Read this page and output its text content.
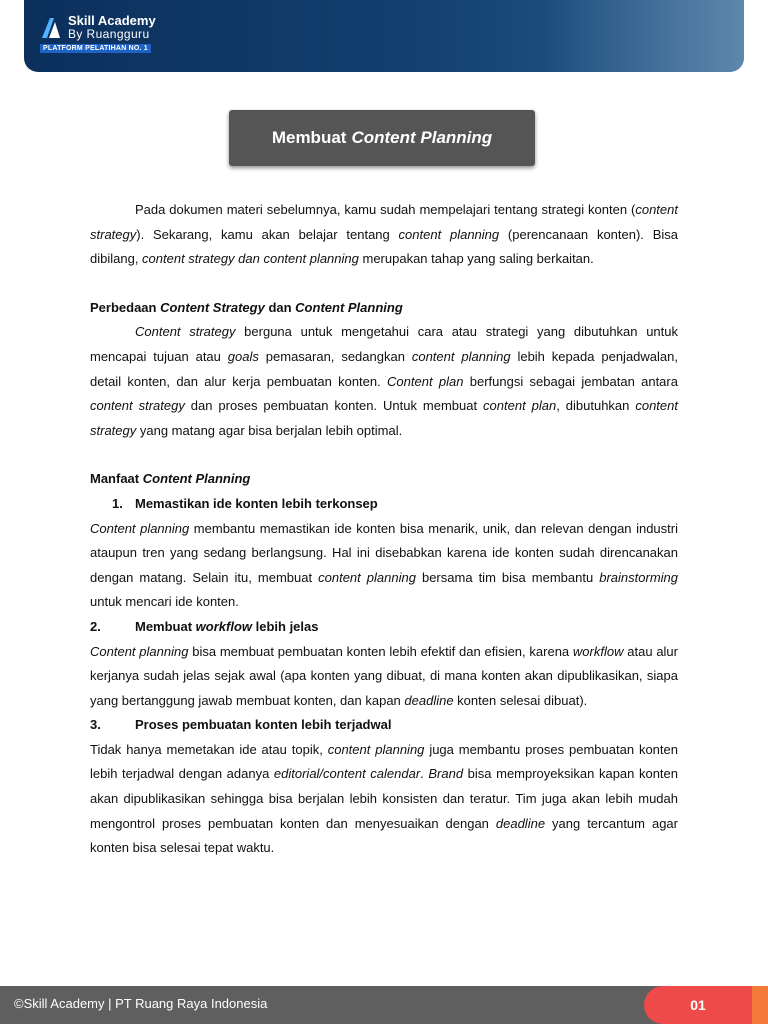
Skill Academy
By Ruangguru
PLATFORM PELATIHAN NO. 1
Membuat Content Planning

Pada dokumen materi sebelumnya, kamu sudah mempelajari tentang strategi konten (content strategy). Sekarang, kamu akan belajar tentang content planning (perencanaan konten). Bisa dibilang, content strategy dan content planning merupakan tahap yang saling berkaitan.

Perbedaan Content Strategy dan Content Planning

Content strategy berguna untuk mengetahui cara atau strategi yang dibutuhkan untuk mencapai tujuan atau goals pemasaran, sedangkan content planning lebih kepada penjadwalan, detail konten, dan alur kerja pembuatan konten. Content plan berfungsi sebagai jembatan antara content strategy dan proses pembuatan konten. Untuk membuat content plan, dibutuhkan content strategy yang matang agar bisa berjalan lebih optimal.

Manfaat Content Planning

1. Memastikan ide konten lebih terkonsep

Content planning membantu memastikan ide konten bisa menarik, unik, dan relevan dengan industri ataupun tren yang sedang berlangsung. Hal ini disebabkan karena ide konten sudah direncanakan dengan matang. Selain itu, membuat content planning bersama tim bisa membantu brainstorming untuk mencari ide konten.

2.	Membuat workflow lebih jelas

Content planning bisa membuat pembuatan konten lebih efektif dan efisien, karena workflow atau alur kerjanya sudah jelas sejak awal (apa konten yang dibuat, di mana konten akan dipublikasikan, siapa yang bertanggung jawab membuat konten, dan kapan deadline konten selesai dibuat).

3.	Proses pembuatan konten lebih terjadwal

Tidak hanya memetakan ide atau topik, content planning juga membantu proses pembuatan konten lebih terjadwal dengan adanya editorial/content calendar. Brand bisa memproyeksikan kapan konten akan dipublikasikan sehingga bisa berjalan lebih konsisten dan teratur. Tim juga akan lebih mudah mengontrol proses pembuatan konten dan menyesuaikan dengan deadline yang tercantum agar konten bisa selesai tepat waktu.

©Skill Academy | PT Ruang Raya Indonesia	01
